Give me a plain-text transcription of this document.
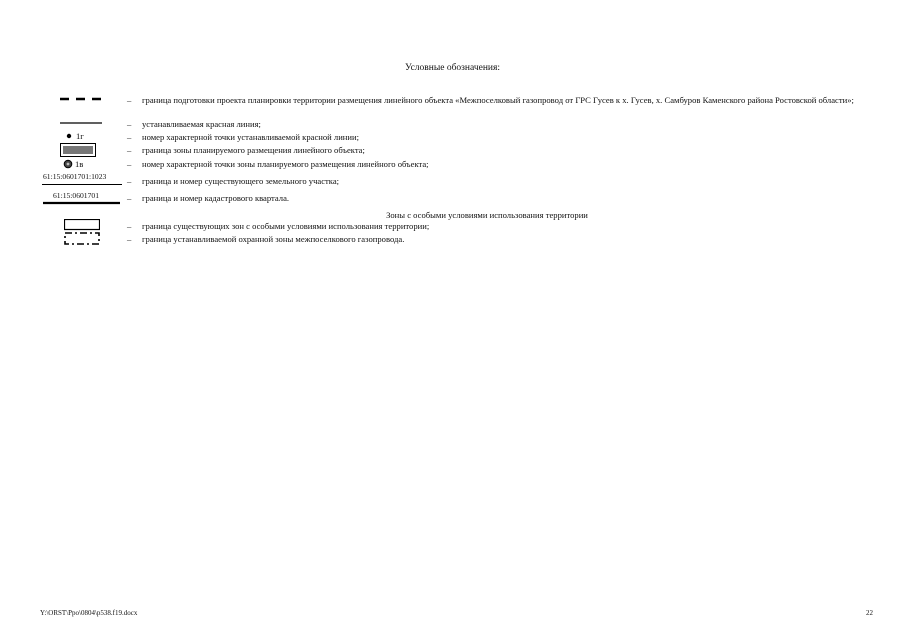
Условные обозначения:
– граница подготовки проекта планировки территории размещения линейного объекта «Межпоселковый газопровод от ГРС Гусев к х. Гусев, х. Самбуров Каменского района Ростовской области»;
– устанавливаемая красная линия;
1г	– номер характерной точки устанавливаемой красной линии;
– граница зоны планируемого размещения линейного объекта;
1в	– номер характерной точки зоны планируемого размещения линейного объекта;
61:15:0601701:1023 – граница и номер существующего земельного участка;
61:15:0601701	– граница и номер кадастрового квартала.
Зоны с особыми условиями использования территории
– граница существующих зон с особыми условиями использования территории;
– граница устанавливаемой охранной зоны межпоселкового газопровода.
Y:\ORST\Ppo\0804\p538.f19.docx	22
